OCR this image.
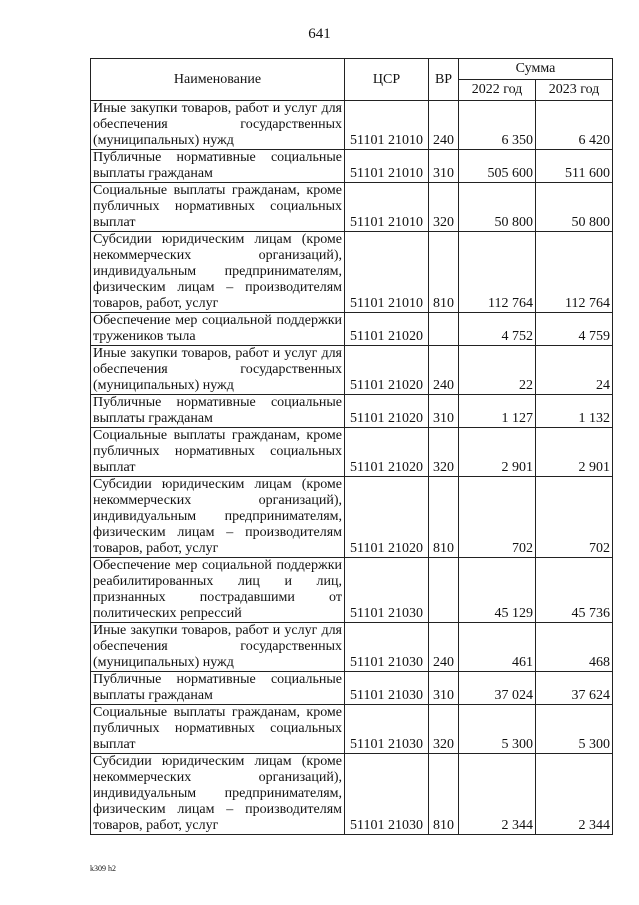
641
Наименование	ЦСР	ВР	Сумма	
			2022 год	2023 год
Иные закупки товаров, работ и услуг для обеспечения государственных (муниципальных) нужд	51101 21010	240	6 350	6 420
Публичные нормативные социальные выплаты гражданам	51101 21010	310	505 600	511 600
Социальные выплаты гражданам, кроме публичных нормативных социальных выплат	51101 21010	320	50 800	50 800
Субсидии юридическим лицам (кроме некоммерческих организаций), индивидуальным предпринимателям, физическим лицам – производителям товаров, работ, услуг	51101 21010	810	112 764	112 764
Обеспечение мер социальной поддержки тружеников тыла	51101 21020		4 752	4 759
Иные закупки товаров, работ и услуг для обеспечения государственных (муниципальных) нужд	51101 21020	240	22	24
Публичные нормативные социальные выплаты гражданам	51101 21020	310	1 127	1 132
Социальные выплаты гражданам, кроме публичных нормативных социальных выплат	51101 21020	320	2 901	2 901
Субсидии юридическим лицам (кроме некоммерческих организаций), индивидуальным предпринимателям, физическим лицам – производителям товаров, работ, услуг	51101 21020	810	702	702
Обеспечение мер социальной поддержки реабилитированных лиц и лиц, признанных пострадавшими от политических репрессий	51101 21030		45 129	45 736
Иные закупки товаров, работ и услуг для обеспечения государственных (муниципальных) нужд	51101 21030	240	461	468
Публичные нормативные социальные выплаты гражданам	51101 21030	310	37 024	37 624
Социальные выплаты гражданам, кроме публичных нормативных социальных выплат	51101 21030	320	5 300	5 300
Субсидии юридическим лицам (кроме некоммерческих организаций), индивидуальным предпринимателям, физическим лицам – производителям товаров, работ, услуг	51101 21030	810	2 344	2 344
k309 h2
